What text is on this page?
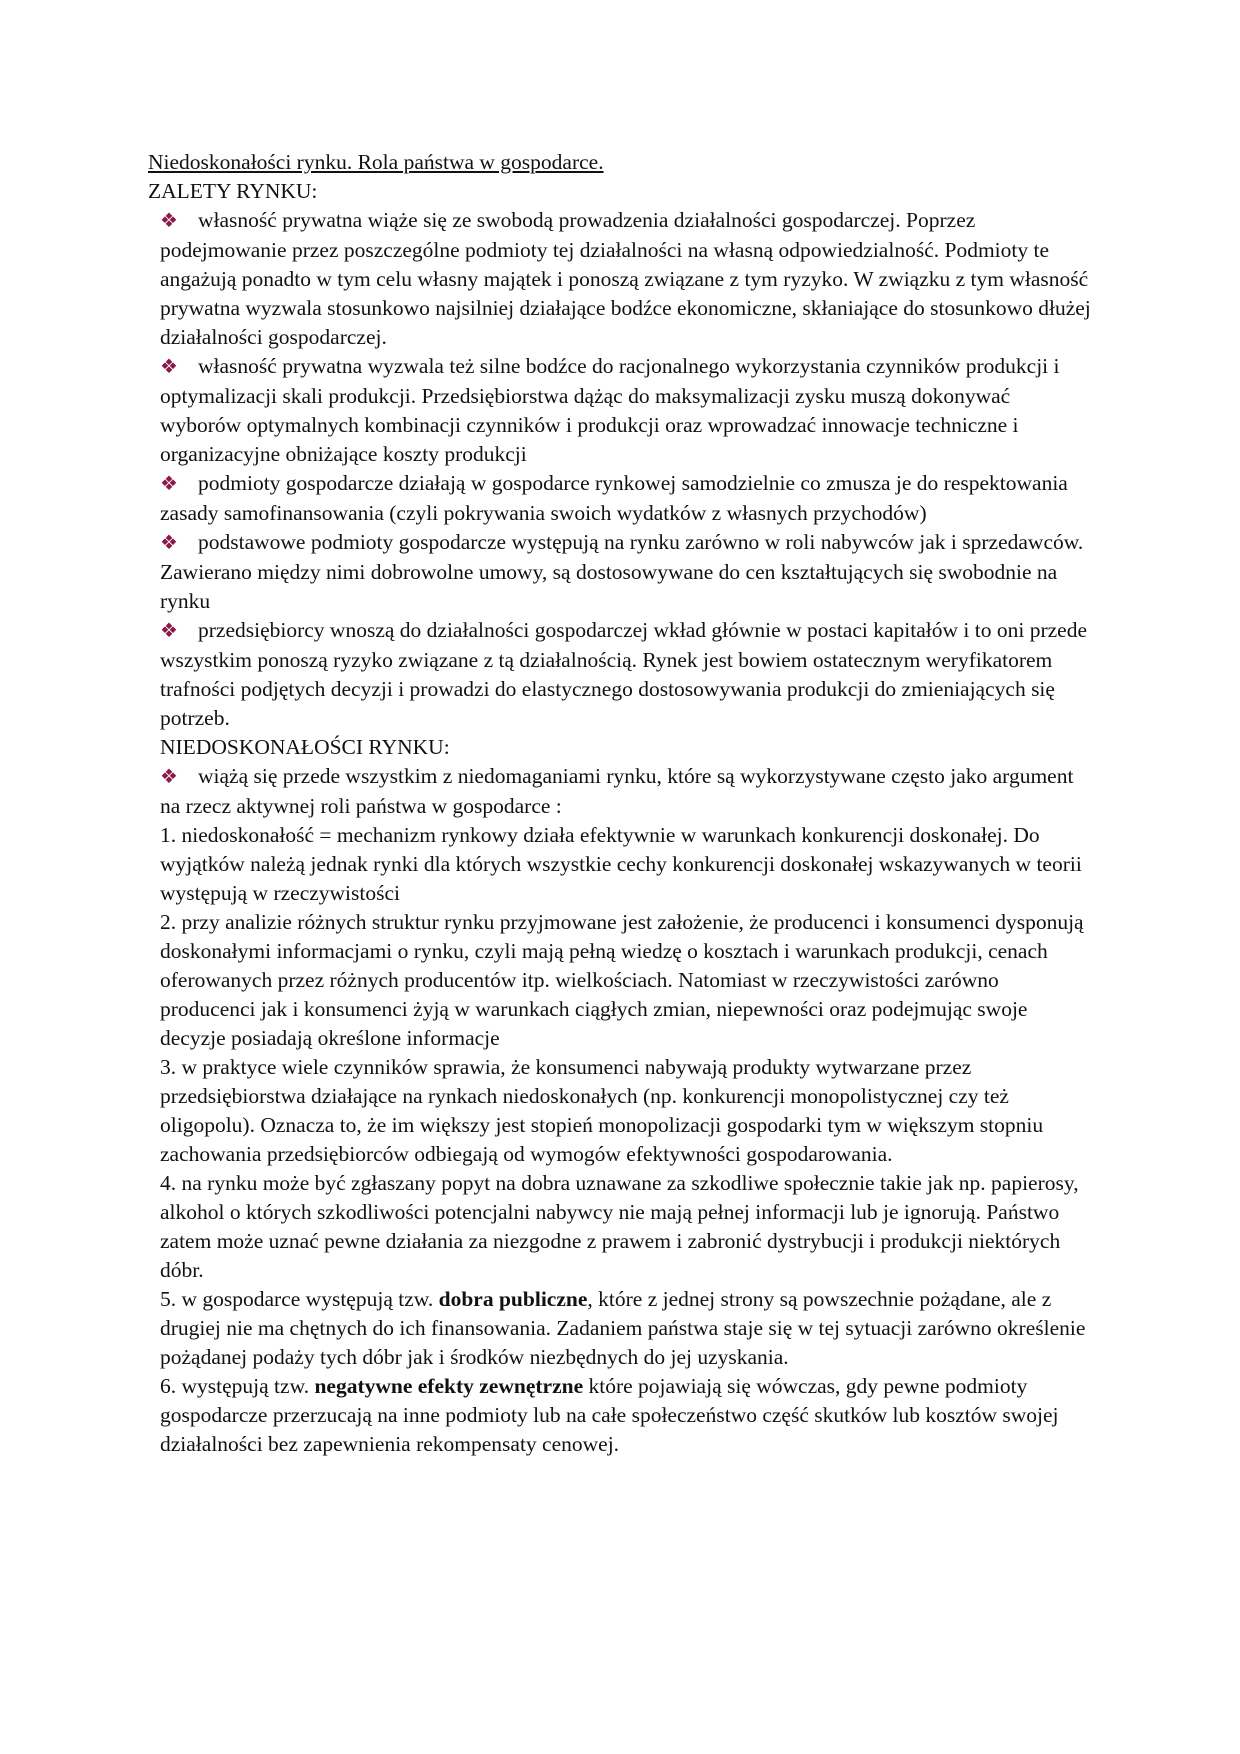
Niedoskonałości rynku. Rola państwa w gospodarce.

ZALETY RYNKU:

❖ własność prywatna wiąże się ze swobodą prowadzenia działalności gospodarczej. Poprzez podejmowanie przez poszczególne podmioty tej działalności na własną odpowiedzialność. Podmioty te angażują ponadto w tym celu własny majątek i ponoszą związane z tym ryzyko. W związku z tym własność prywatna wyzwala stosunkowo najsilniej działające bodźce ekonomiczne, skłaniające do stosunkowo dłużej działalności gospodarczej.

❖ własność prywatna wyzwala też silne bodźce do racjonalnego wykorzystania czynników produkcji i optymalizacji skali produkcji. Przedsiębiorstwa dążąc do maksymalizacji zysku muszą dokonywać wyborów optymalnych kombinacji czynników i produkcji oraz wprowadzać innowacje techniczne i organizacyjne obniżające koszty produkcji

❖ podmioty gospodarcze działają w gospodarce rynkowej samodzielnie co zmusza je do respektowania zasady samofinansowania (czyli pokrywania swoich wydatków z własnych przychodów)

❖ podstawowe podmioty gospodarcze występują na rynku zarówno w roli nabywców jak i sprzedawców. Zawierano między nimi dobrowolne umowy, są dostosowywane do cen kształtujących się swobodnie na rynku

❖ przedsiębiorcy wnoszą do działalności gospodarczej wkład głównie w postaci kapitałów i to oni przede wszystkim ponoszą ryzyko związane z tą działalnością. Rynek jest bowiem ostatecznym weryfikatorem trafności podjętych decyzji i prowadzi do elastycznego dostosowywania produkcji do zmieniających się potrzeb.

NIEDOSKONAŁOŚCI RYNKU:

❖ wiążą się przede wszystkim z niedomaganiami rynku, które są wykorzystywane często jako argument na rzecz aktywnej roli państwa w gospodarce :

1. niedoskonałość = mechanizm rynkowy działa efektywnie w warunkach konkurencji doskonałej. Do wyjątków należą jednak rynki dla których wszystkie cechy konkurencji doskonałej wskazywanych w teorii występują w rzeczywistości

2. przy analizie różnych struktur rynku przyjmowane jest założenie, że producenci i konsumenci dysponują doskonałymi informacjami o rynku, czyli mają pełną wiedzę o kosztach i warunkach produkcji, cenach oferowanych przez różnych producentów itp. wielkościach. Natomiast w rzeczywistości zarówno producenci jak i konsumenci żyją w warunkach ciągłych zmian, niepewności oraz podejmując swoje decyzje posiadają określone informacje

3. w praktyce wiele czynników sprawia, że konsumenci nabywają produkty wytwarzane przez przedsiębiorstwa działające na rynkach niedoskonałych (np. konkurencji monopolistycznej czy też oligopolu). Oznacza to, że im większy jest stopień monopolizacji gospodarki tym w większym stopniu zachowania przedsiębiorców odbiegają od wymogów efektywności gospodarowania.

4. na rynku może być zgłaszany popyt na dobra uznawane za szkodliwe społecznie takie jak np. papierosy, alkohol o których szkodliwości potencjalni nabywcy nie mają pełnej informacji lub je ignorują. Państwo zatem może uznać pewne działania za niezgodne z prawem i zabronić dystrybucji i produkcji niektórych dóbr.

5. w gospodarce występują tzw. dobra publiczne, które z jednej strony są powszechnie pożądane, ale z drugiej nie ma chętnych do ich finansowania. Zadaniem państwa staje się w tej sytuacji zarówno określenie pożądanej podaży tych dóbr jak i środków niezbędnych do jej uzyskania.

6. występują tzw. negatywne efekty zewnętrzne które pojawiają się wówczas, gdy pewne podmioty gospodarcze przerzucają na inne podmioty lub na całe społeczeństwo część skutków lub kosztów swojej działalności bez zapewnienia rekompensaty cenowej.
